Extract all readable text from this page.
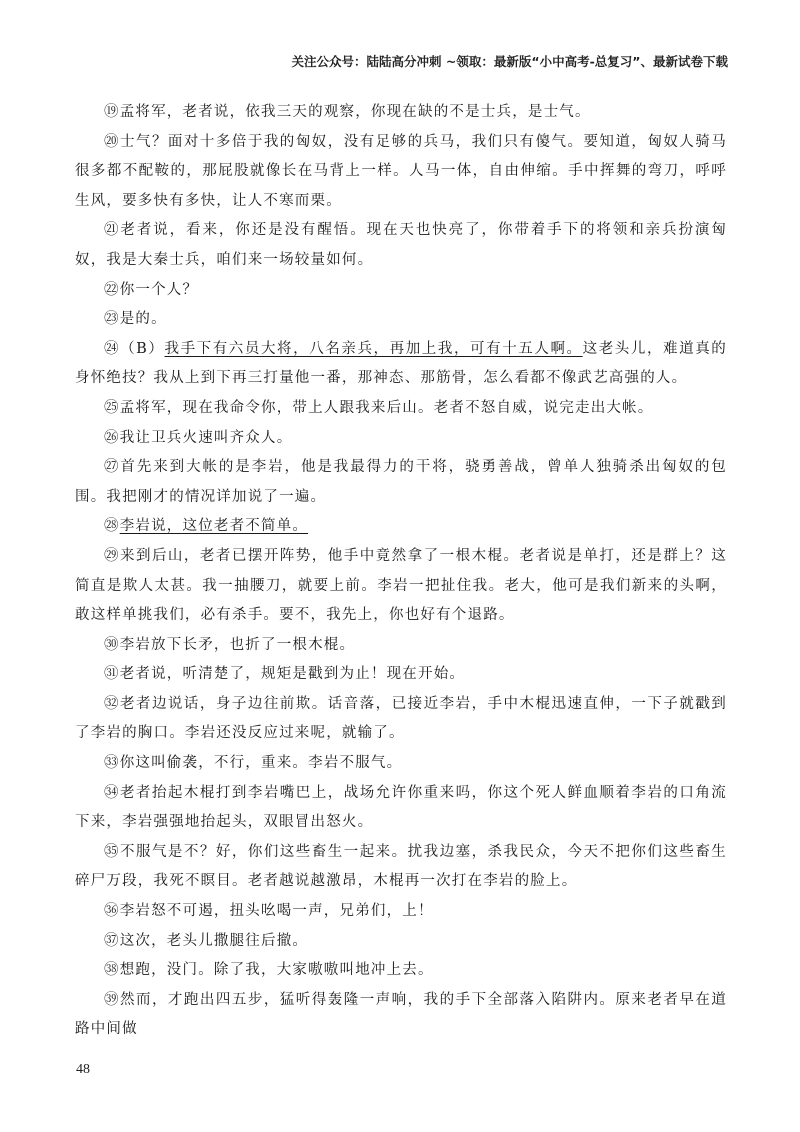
关注公众号：陆陆高分冲刺 ~领取：最新版“小中高考-总复习”、最新试卷下载

⑲孟将军，老者说，依我三天的观察，你现在缺的不是士兵，是士气。

⑳士气？面对十多倍于我的匈奴，没有足够的兵马，我们只有傻气。要知道，匈奴人骑马很多都不配鞍的，那屁股就像长在马背上一样。人马一体，自由伸缩。手中挥舞的弯刀，呼呼生风，要多快有多快，让人不寒而栗。

㉑老者说，看来，你还是没有醒悟。现在天也快亮了，你带着手下的将领和亲兵扮演匈奴，我是大秦士兵，咱们来一场较量如何。

㉒你一个人？

㉓是的。

㉔（B）我手下有六员大将，八名亲兵，再加上我，可有十五人啊。这老头儿，难道真的身怀绝技？我从上到下再三打量他一番，那神态、那筋骨，怎么看都不像武艺高强的人。

㉕孟将军，现在我命令你，带上人跟我来后山。老者不怒自威，说完走出大帐。

㉖我让卫兵火速叫齐众人。

㉗首先来到大帐的是李岩，他是我最得力的干将，骁勇善战，曾单人独骑杀出匈奴的包围。我把刚才的情况详加说了一遍。

㉘李岩说，这位老者不简单。

㉙来到后山，老者已摆开阵势，他手中竟然拿了一根木棍。老者说是单打，还是群上？这简直是欺人太甚。我一抽腰刀，就要上前。李岩一把扯住我。老大，他可是我们新来的头啊，敢这样单挑我们，必有杀手。要不，我先上，你也好有个退路。

㉚李岩放下长矛，也折了一根木棍。

㉛老者说，听清楚了，规矩是戳到为止！现在开始。

㉜老者边说话，身子边往前欺。话音落，已接近李岩，手中木棍迅速直伸，一下子就戳到了李岩的胸口。李岩还没反应过来呢，就输了。

㉝你这叫偷袭，不行，重来。李岩不服气。

㉞老者抬起木棍打到李岩嘴巴上，战场允许你重来吗，你这个死人鲜血顺着李岩的口角流下来，李岩强强地抬起头，双眼冒出怒火。

㉟不服气是不？好，你们这些畜生一起来。扰我边塞，杀我民众，今天不把你们这些畜生碎尸万段，我死不瞑目。老者越说越激昂，木棍再一次打在李岩的脸上。

㊱李岩怒不可遏，扭头吆喝一声，兄弟们，上！

㊲这次，老头儿撒腿往后撤。

㊳想跑，没门。除了我，大家嗷嗷叫地冲上去。

㊴然而，才跑出四五步，猛听得轰隆一声响，我的手下全部落入陷阱内。原来老者早在道路中间做

48
